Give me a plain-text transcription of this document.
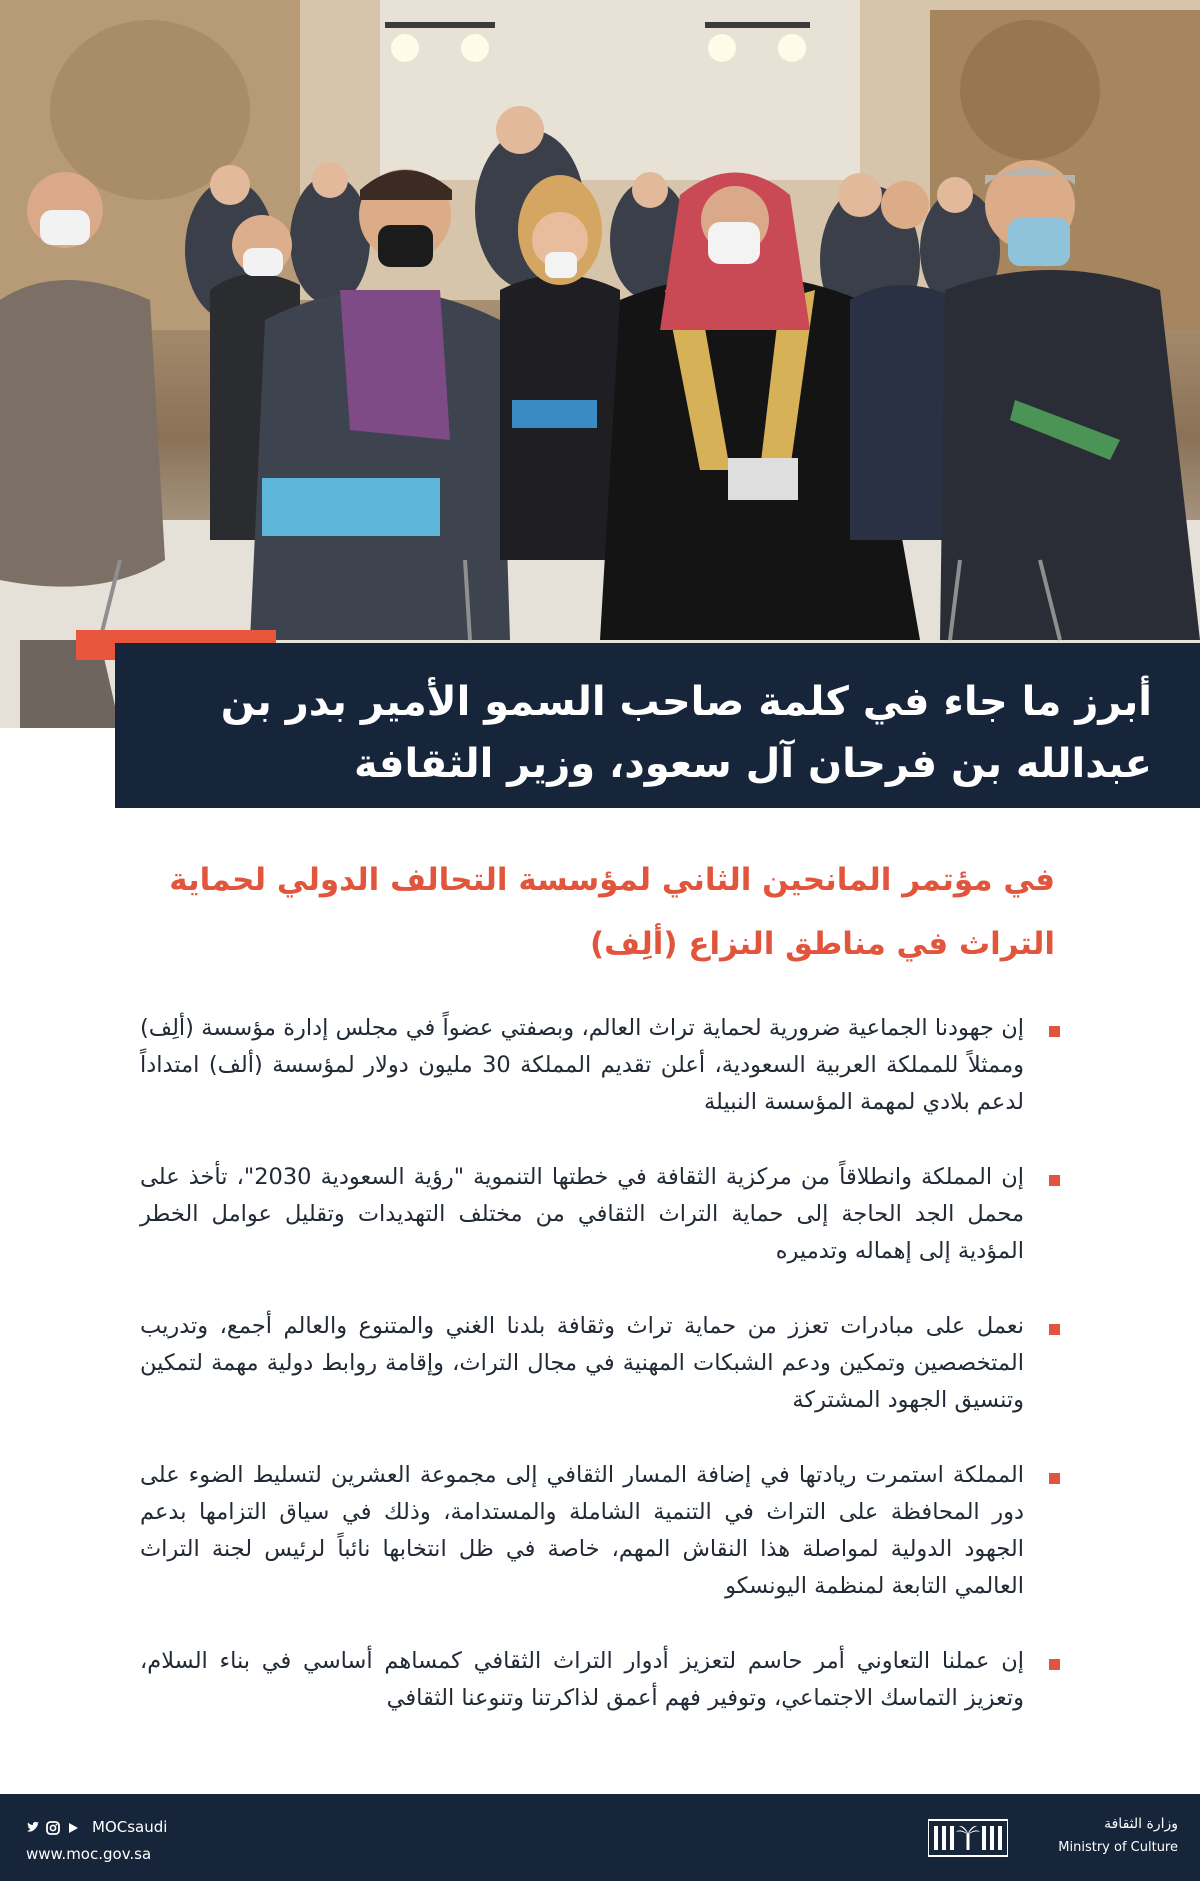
أبرز ما جاء في كلمة صاحب السمو الأمير بدر بن عبدالله بن فرحان آل سعود، وزير الثقافة
في مؤتمر المانحين الثاني لمؤسسة التحالف الدولي لحماية التراث في مناطق النزاع (ألِف)
إن جهودنا الجماعية ضرورية لحماية تراث العالم، وبصفتي عضواً في مجلس إدارة مؤسسة (ألِف) وممثلاً للمملكة العربية السعودية، أعلن تقديم المملكة 30 مليون دولار لمؤسسة (ألف) امتداداً لدعم بلادي لمهمة المؤسسة النبيلة
إن المملكة وانطلاقاً من مركزية الثقافة في خطتها التنموية "رؤية السعودية 2030"، تأخذ على محمل الجد الحاجة إلى حماية التراث الثقافي من مختلف التهديدات وتقليل عوامل الخطر المؤدية إلى إهماله وتدميره
نعمل على مبادرات تعزز من حماية تراث وثقافة بلدنا الغني والمتنوع والعالم أجمع، وتدريب المتخصصين وتمكين ودعم الشبكات المهنية في مجال التراث، وإقامة روابط دولية مهمة لتمكين وتنسيق الجهود المشتركة
المملكة استمرت ريادتها في إضافة المسار الثقافي إلى مجموعة العشرين لتسليط الضوء على دور المحافظة على التراث في التنمية الشاملة والمستدامة، وذلك في سياق التزامها بدعم الجهود الدولية لمواصلة هذا النقاش المهم، خاصة في ظل انتخابها نائباً لرئيس لجنة التراث العالمي التابعة لمنظمة اليونسكو
إن عملنا التعاوني أمر حاسم لتعزيز أدوار التراث الثقافي كمساهم أساسي في بناء السلام، وتعزيز التماسك الاجتماعي، وتوفير فهم أعمق لذاكرتنا وتنوعنا الثقافي
MOCsaudi
www.moc.gov.sa
وزارة الثقافة
Ministry of Culture
